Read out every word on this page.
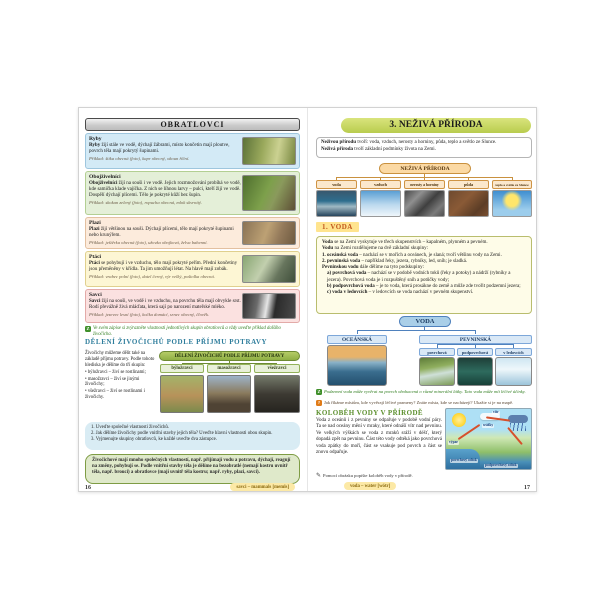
OBRATLOVCI
Ryby
Ryby žijí stále ve vodě, dýchají žábrami, místo končetin mají ploutve, povrch těla mají pokrytý šupinami.
Příklad: štika obecná (foto), kapr obecný, okoun říční.
Obojživelníci
Obojživelníci žijí na souši i ve vodě. Jejich rozmnožování probíhá ve vodě, kde samička klade vajíčka. Z nich se líhnou larvy – pulci, kteří žijí ve vodě. Dospělí dýchají plícemi. Tělo je pokryté kůží bez šupin.
Příklad: skokan zelený (foto), ropucha obecná, mlok skvrnitý.
Plazi
Plazi žijí většinou na souši. Dýchají plícemi, tělo mají pokryté šupinami nebo krunýřem.
Příklad: ještěrka obecná (foto), užovka obojková, želva bahenní.
Ptáci
Ptáci se pohybují i ve vzduchu, tělo mají pokryté peřím. Přední končetiny jsou přeměněny v křídla. Ta jim umožňují létat. Na hlavě mají zobák.
Příklad: vrabec polní (foto), datel černý, výr velký, poštolka obecná.
Savci
Savci žijí na souši, ve vodě i ve vzduchu, na povrchu těla mají obvykle srst. Rodí převážně živá mláďata, která sají po narození mateřské mléko.
Příklad: jezevec lesní (foto), kočka domácí, srnec obecný, člověk.
Z Ve svém zápise si zvýrazněte vlastnosti jednotlivých skupin obratlovců a vždy uveďte příklad dalšího živočicha.
DĚLENÍ ŽIVOČICHŮ PODLE PŘÍJMU POTRAVY
Živočichy můžeme dělit také na základě příjmu potravy. Podle tohoto hlediska je dělíme do tří skupin:
• býložravci – živí se rostlinami;
• masožravci – živí se jinými živočichy;
• všežravci – živí se rostlinami i živočichy.
DĚLENÍ ŽIVOČICHŮ PODLE PŘÍJMU POTRAVY
býložravci	masožravci	všežravci
1. Uveďte společné vlastnosti živočichů.
2. Jak dělíme živočichy podle vnitřní stavby jejich těla? Uveďte hlavní vlastnosti obou skupin.
3. Vyjmenujte skupiny obratlovců, ke každé uveďte dva zástupce.
Živočichové mají mnoho společných vlastností, např. přijímají vodu a potravu, dýchají, reagují na změny, pohybují se. Podle vnitřní stavby těla je dělíme na bezobratlé (nemají kostru uvnitř těla, např. brouci) a obratlovce (mají uvnitř těla kostru; např. ryby, plazi, savci).
16	savci – mammals [memls]
3. NEŽIVÁ PŘÍRODA
Neživou přírodu tvoří: voda, vzduch, nerosty a horniny, půda, teplo a světlo ze Slunce.
Neživá příroda tvoří základní podmínky života na Zemi.
NEŽIVÁ PŘÍRODA
voda	vzduch	nerosty a horniny	půda	teplo a světlo ze Slunce
1. VODA
Voda se na Zemi vyskytuje ve třech skupenstvích – kapalném, plynném a pevném.
Vodu na Zemi rozdělujeme na dvě základní skupiny:
1. oceánská voda – nachází se v mořích a oceánech, je slaná; tvoří většinu vody na Zemi.
2. pevninská voda – například řeky, jezera, rybníky, led, sníh; je sladká.
Pevninskou vodu dále dělíme na tyto podskupiny:
a) povrchová voda – nachází se v podobě vodních toků (řeky a potoky) a nádrží (rybníky a jezera). Povrchová voda je i rozpuštěný sníh a potůčky vody;
b) podpovrchová voda – je to voda, která prosákne do země a může zde tvořit podzemní jezera;
c) voda v ledovcích – v ledovcích se voda nachází v pevném skupenství.
VODA
OCEÁNSKÁ	PEVNINSKÁ
povrchová	podpovrchová	v ledovcích
Z Podzemní voda může vyvěrat na povrch obohacená o různé minerální látky. Tato voda může mít léčivé účinky.
? Jak říkáme místům, kde vyvěrají léčivé prameny? Znáte místa, kde se nacházejí? Ukažte si je na mapě.
KOLOBĚH VODY V PŘÍRODĚ
Voda z oceánů i z pevniny se odpařuje v podobě vodní páry. Ta se nad oceány mění v mraky, které odnáší vítr nad pevninu. Ve velkých výškách se voda z mraků sráží v déšť, který dopadá zpět na pevninu. Část této vody odtéká jako povrchová voda zpátky do moří, část se vsakuje pod povrch a část se znovu odpařuje.
výpar
srážky
vítr
povrchový odtok
podpovrchový odtok
✎ Pomocí obrázku popište koloběh vody v přírodě.
voda – water [wótr]	17
